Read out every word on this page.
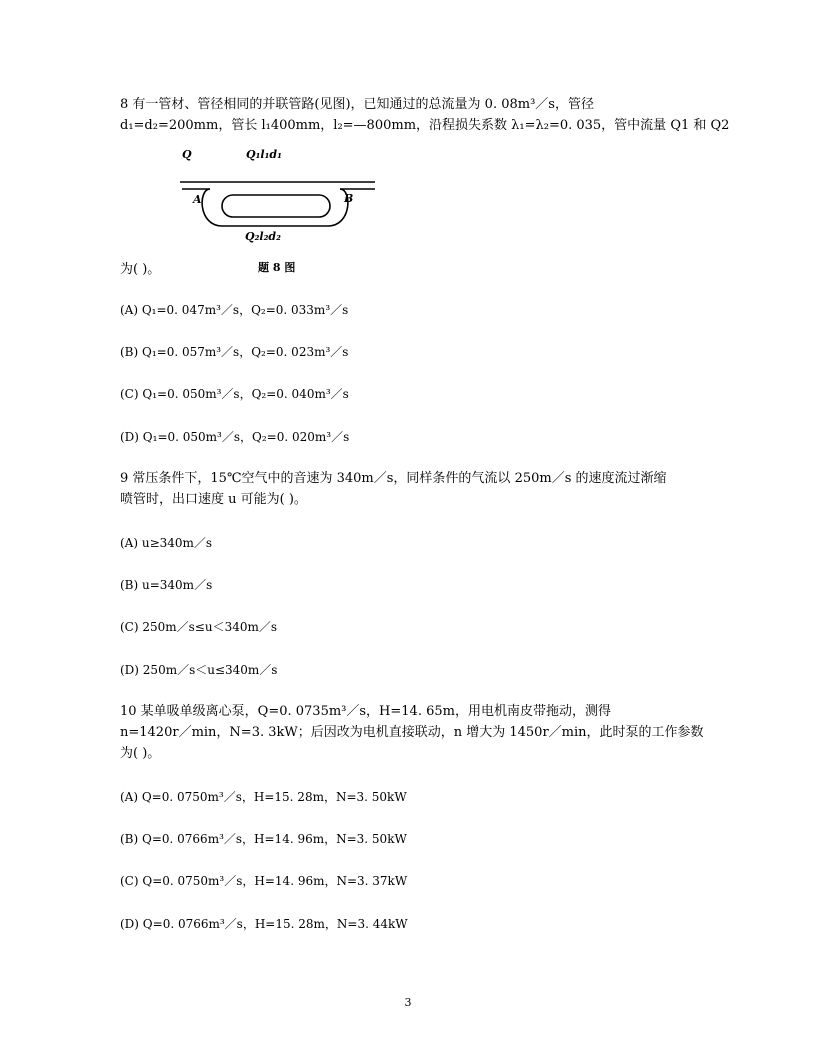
8 有一管材、管径相同的并联管路(见图)，已知通过的总流量为 0. 08m³／s，管径
d₁=d₂=200mm，管长 l₁400mm，l₂=—800mm，沿程损失系数 λ₁=λ₂=0. 035，管中流量 Q1 和 Q2
Q	Q₁l₁d₁
A	B
Q₂l₂d₂
为( )。	题 8 图
(A) Q₁=0. 047m³／s，Q₂=0. 033m³／s
(B) Q₁=0. 057m³／s，Q₂=0. 023m³／s
(C) Q₁=0. 050m³／s，Q₂=0. 040m³／s
(D) Q₁=0. 050m³／s，Q₂=0. 020m³／s
9 常压条件下，15℃空气中的音速为 340m／s，同样条件的气流以 250m／s 的速度流过渐缩
喷管时，出口速度 u 可能为( )。
(A) u≥340m／s
(B) u=340m／s
(C) 250m／s≤u＜340m／s
(D) 250m／s＜u≤340m／s
10 某单吸单级离心泵，Q=0. 0735m³／s，H=14. 65m，用电机南皮带拖动，测得
n=1420r／min，N=3. 3kW；后因改为电机直接联动，n 增大为 1450r／min，此时泵的工作参数
为( )。
(A) Q=0. 0750m³／s，H=15. 28m，N=3. 50kW
(B) Q=0. 0766m³／s，H=14. 96m，N=3. 50kW
(C) Q=0. 0750m³／s，H=14. 96m，N=3. 37kW
(D) Q=0. 0766m³／s，H=15. 28m，N=3. 44kW
3
